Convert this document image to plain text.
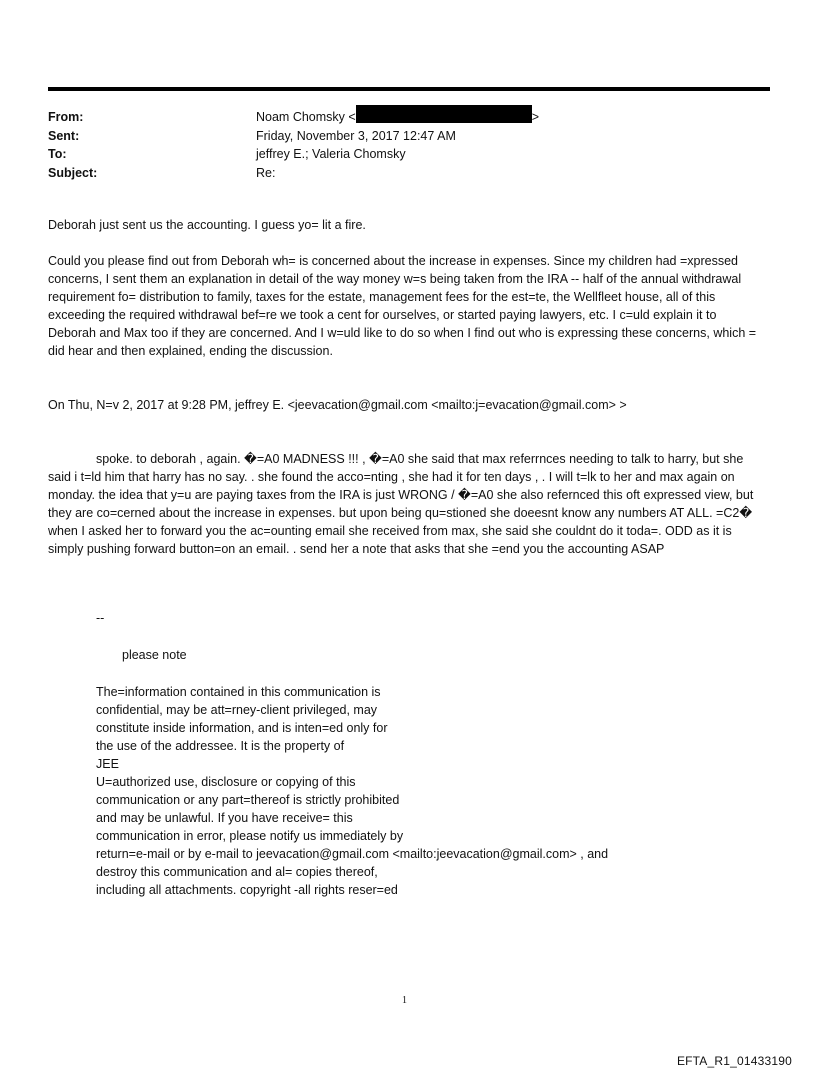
From:	Noam Chomsky <	>
Sent:	Friday, November 3, 2017 12:47 AM
To:	jeffrey E.; Valeria Chomsky
Subject:	Re:
Deborah just sent us the accounting. I guess yo= lit a fire.
Could you please find out from Deborah wh= is concerned about the increase in expenses. Since my children had =xpressed concerns, I sent them an explanation in detail of the way money w=s being taken from the IRA -- half of the annual withdrawal requirement fo= distribution to family, taxes for the estate, management fees for the est=te, the Wellfleet house, all of this exceeding the required withdrawal bef=re we took a cent for ourselves, or started paying lawyers, etc. I c=uld explain it to Deborah and Max too if they are concerned. And I w=uld like to do so when I find out who is expressing these concerns, which = did hear and then explained, ending the discussion.
On Thu, N=v 2, 2017 at 9:28 PM, jeffrey E. <jeevacation@gmail.com <mailto:j=evacation@gmail.com> >
spoke. to deborah , again. �=A0 MADNESS !!! , �=A0 she said that max referrnces needing to talk to harry, but she said i t=ld him that harry has no say. . she found the acco=nting , she had it for ten days , . I will t=lk to her and max again on monday. the idea that y=u are paying taxes from the IRA is just WRONG / �=A0 she also refernced this oft expressed view, but they are co=cerned about the increase in expenses. but upon being qu=stioned she doeesnt know any numbers AT ALL. =C2� when I asked her to forward you the ac=ounting email she received from max, she said she couldnt do it toda=. ODD as it is simply pushing forward button=on an email. . send her a note that asks that she =end you the accounting ASAP
--
please note
The=information contained in this communication is
confidential, may be att=rney-client privileged, may
constitute inside information, and is inten=ed only for
the use of the addressee. It is the property of
JEE
U=authorized use, disclosure or copying of this
communication or any part=thereof is strictly prohibited
and may be unlawful. If you have receive= this
communication in error, please notify us immediately by
return=e-mail or by e-mail to jeevacation@gmail.com <mailto:jeevacation@gmail.com> , and
destroy this communication and al= copies thereof,
including all attachments. copyright -all rights reser=ed
1
EFTA_R1_01433190
